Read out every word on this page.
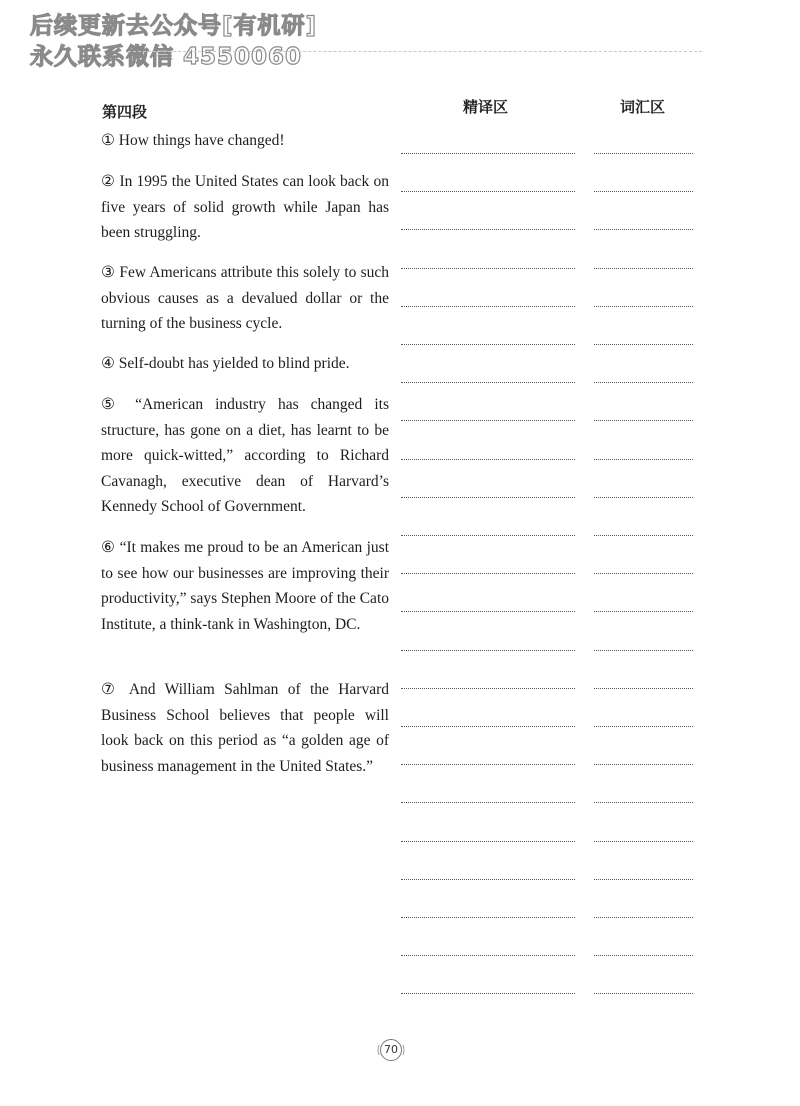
后续更新去公众号[有机研]
永久联系微信 4550060
第四段	精译区	词汇区

① How things have changed!

② In 1995 the United States can look back on five years of solid growth while Japan has been struggling.

③ Few Americans attribute this solely to such obvious causes as a devalued dollar or the turning of the business cycle.

④ Self-doubt has yielded to blind pride.

⑤ “American industry has changed its structure, has gone on a diet, has learnt to be more quick-witted,” according to Richard Cavanagh, executive dean of Harvard’s Kennedy School of Government.

⑥ “It makes me proud to be an American just to see how our businesses are improving their productivity,” says Stephen Moore of the Cato Institute, a think-tank in Washington, DC.

⑦ And William Sahlman of the Harvard Business School believes that people will look back on this period as “a golden age of business management in the United States.”

70
